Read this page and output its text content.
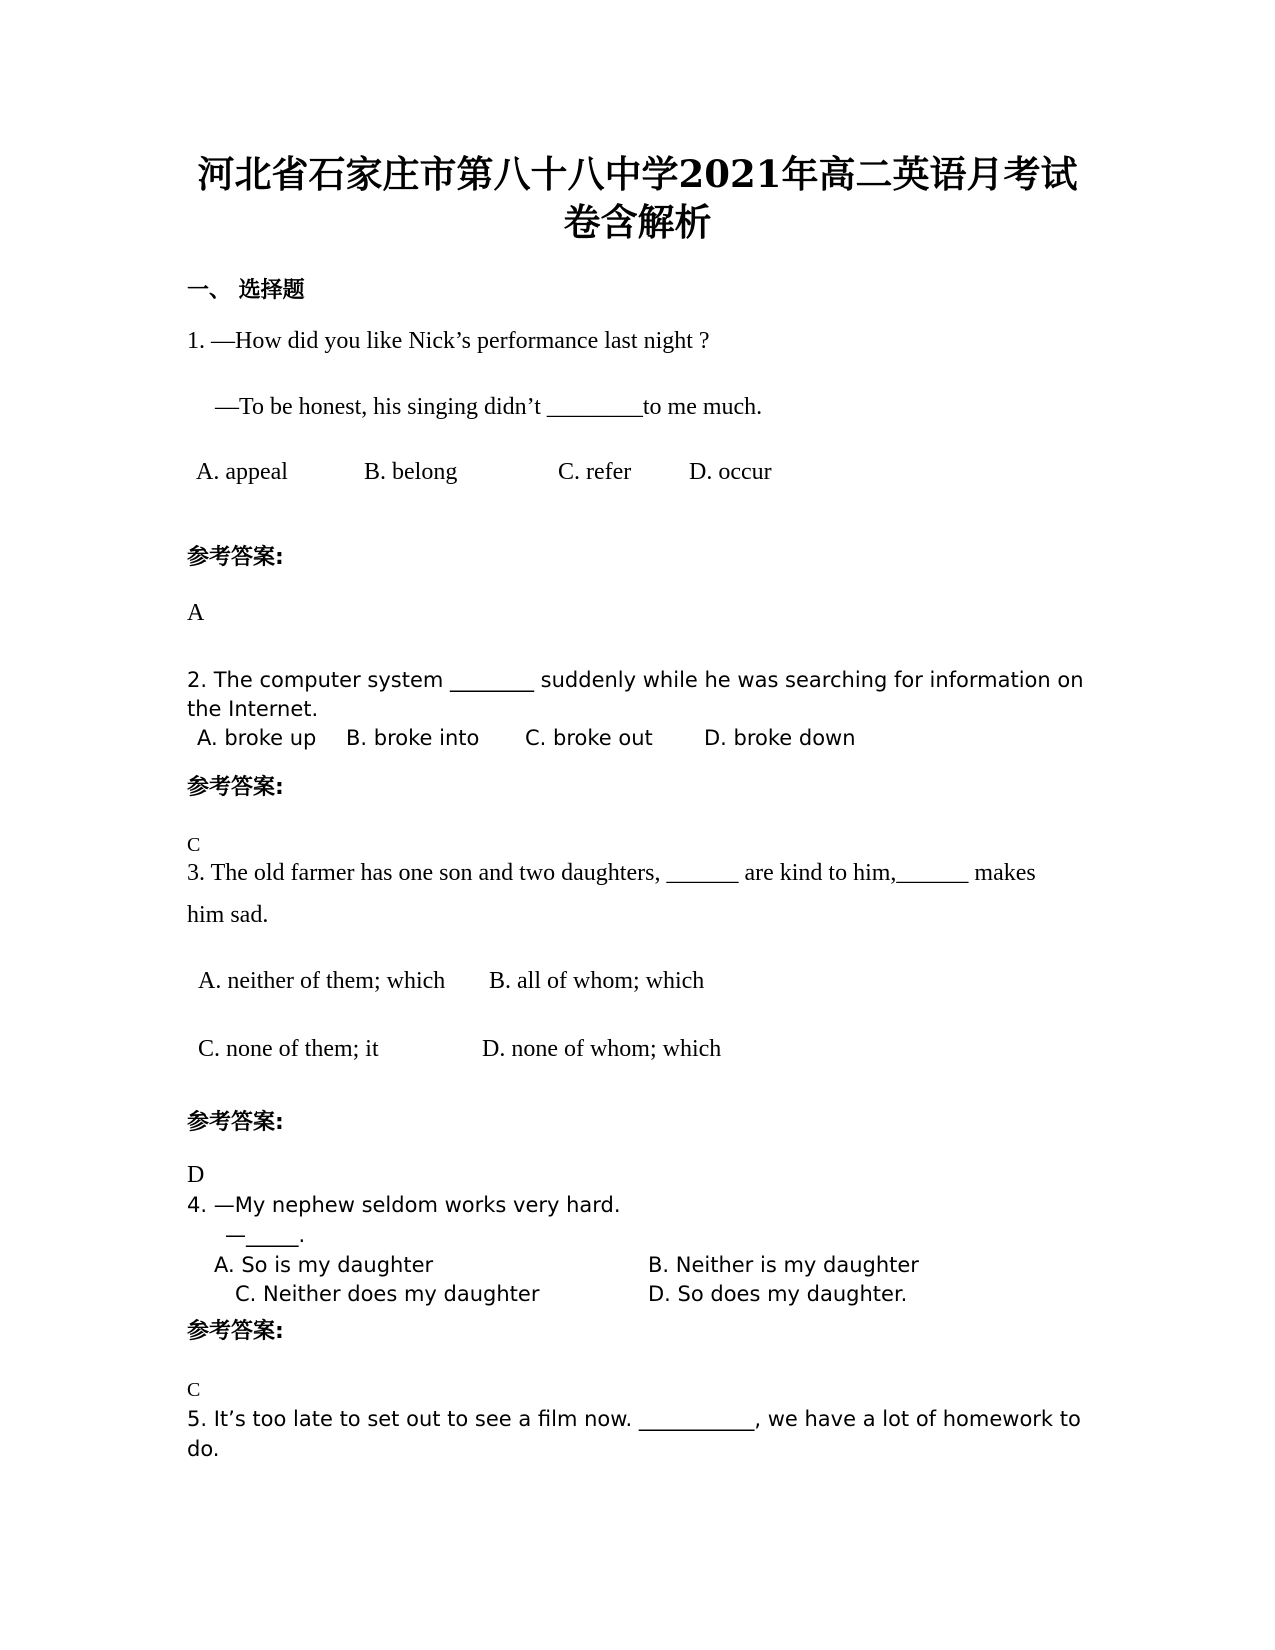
河北省石家庄市第八十八中学2021年高二英语月考试
卷含解析
一、 选择题
1. —How did you like Nick’s performance last night ?
—To be honest, his singing didn’t ________to me much.
A. appeal	B. belong	C. refer D. occur
参考答案:
A
2. The computer system ________ suddenly while he was searching for information on
the Internet.
A. broke up B. broke into C. broke out D. broke down
参考答案:
C
3. The old farmer has one son and two daughters, ______ are kind to him,______ makes
him sad.
A. neither of them; which B. all of whom; which
C. none of them; it	D. none of whom; which
参考答案:
D
4. —My nephew seldom works very hard.
—_____.
A. So is my daughter	B. Neither is my daughter
C. Neither does my daughter	D. So does my daughter.
参考答案:
C
5. It’s too late to set out to see a film now. ___________, we have a lot of homework to
do.
